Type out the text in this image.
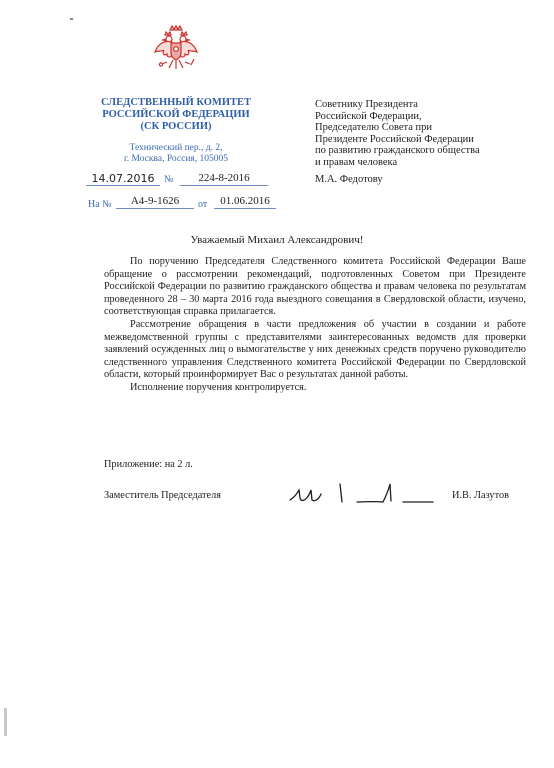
СЛЕДСТВЕННЫЙ КОМИТЕТ
РОССИЙСКОЙ ФЕДЕРАЦИИ
(СК РОССИИ)
Технический пер., д. 2,
г. Москва, Россия, 105005
14.07.2016 №	224-8-2016
На №	А4-9-1626	от	01.06.2016
Советнику Президента
Российской Федерации,
Председателю Совета при
Президенте Российской Федерации
по развитию гражданского общества
и правам человека
М.А. Федотову
Уважаемый Михаил Александрович!

По поручению Председателя Следственного комитета Российской Федерации Ваше обращение о рассмотрении рекомендаций, подготовленных Советом при Президенте Российской Федерации по развитию гражданского общества и правам человека по результатам проведенного 28 – 30 марта 2016 года выездного совещания в Свердловской области, изучено, соответствующая справка прилагается.

Рассмотрение обращения в части предложения об участии в создании и работе межведомственной группы с представителями заинтересованных ведомств для проверки заявлений осужденных лиц о вымогательстве у них денежных средств поручено руководителю следственного управления Следственного комитета Российской Федерации по Свердловской области, который проинформирует Вас о результатах данной работы.

Исполнение поручения контролируется.

Приложение: на 2 л.
Заместитель Председателя	И.В. Лазутов
